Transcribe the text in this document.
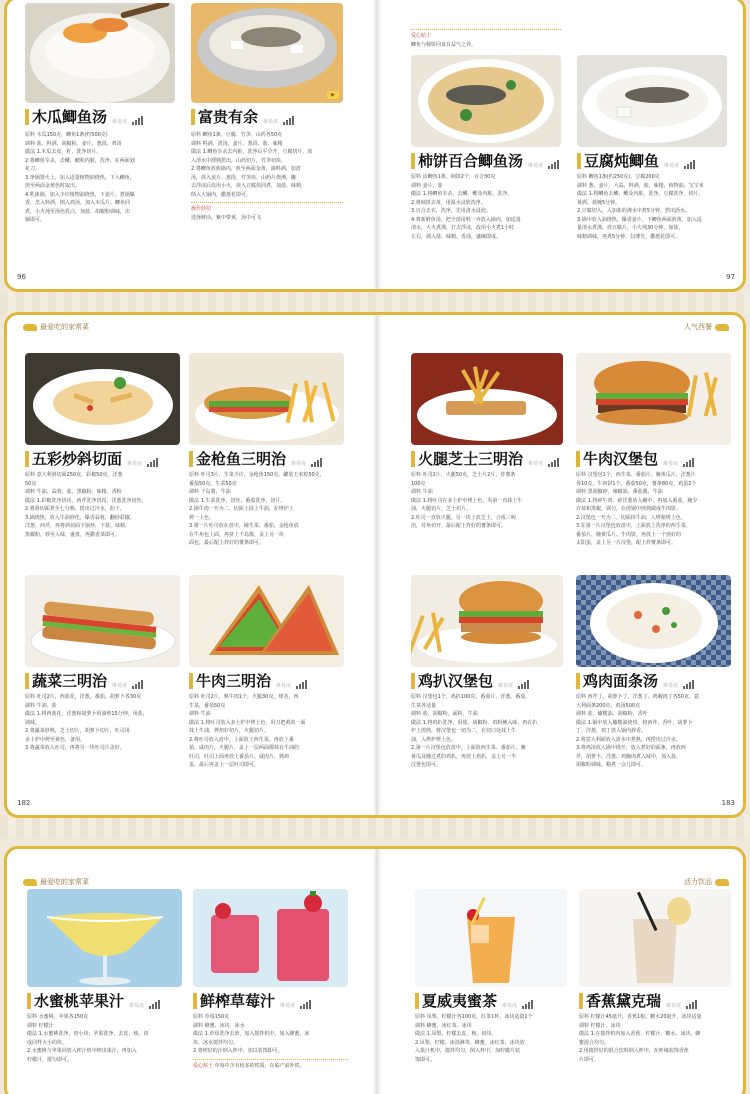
木瓜鲫鱼汤 难易度
原料 木瓜150克，鲫鱼1条(约500克)
调料 盐、料酒、胡椒粉、姜片、葱段、鸡汤
做法 1.木瓜去皮，籽，洗净切片。
2.将鲫鱼宰杀，去鳞、鳃和内脏，洗净，在两面划
花刀。
3.净锅置火上，加入适量植物油烧热，下入鲫鱼，
煎至两面金黄色时取出。
4.乳钵锅，加入少许植物油烧热，下姜片，煮锅爆
香，烹入料酒，倒入鸡汤，加入木瓜片、鲫鱼同
煮，小火炖至汤色乳白，加盐、胡椒粉调味，出
锅即可。
▶
富贵有余 难易度
原料 鲫鱼1条，豆腐、竹笋、山药各50克
调料 料酒、清汤、姜片、葱段、盐、味精
做法 1.鲫鱼宰杀去内脏，洗净后平分开，豆腐切片，放
入清水中漂熟捞出，山药切片，竹笋切块。
2.将鲫鱼放煎锅内，煎至两面金黄，滴料酒，加清
汤，放入姜片、葱段、竹笋块、山药片烧沸，撇
去浮沫后改用小火，放入豆腐块同煮，加盐、味精，
倒入大锅内，撒葱花即可。
操作妙招
选择鲜活、紫中带黄，汤中可飞
96
爱心贴士
鲫鱼与柿饼同食有益气之养。
柿饼百合鲫鱼汤 难易度
原料 活鲫鱼1条，柿饼2个，百合30克
调料 姜片、盐
做法 1.将鲫鱼宰杀，去鳞、鳃及内脏，洗净。
2.将柿饼去蒂，用温水浸软洗净。
3.百合去衣，洗净，先用清水浸泡。
4.将新鲜鱼汤，把全部用料一齐放入锅内，加适量
清水，大火煮沸，打去浮沫，改用小火煮1小时
左右，调入盐、味精、香油，盛碗即成。
豆腐炖鲫鱼 难易度
原料 鲫鱼1条(约250克)，豆腐200克
调料 葱、姜片、大蒜、料酒、盐、味精、植物油、宝宝米
做法 1.将鲫鱼去鳞，鳃及内脏，洗净。豆腐洗净，切片，
黄酒、盐腌5分钟。
2.豆腐切入，入加盐的沸水中煮5分钟，捞出沥水。
3.锅中放入油烧热，爆香姜片，下鲫鱼两面煎黄，加入适
量清水煮沸，放豆腐片，小火炖30分钟，加盐，
味精调味，再煮5分钟，勾薄芡，撒葱花即可。
97
最爱吃的家常菜
五彩炒斜切面 难易度
原料 意大利斜切面250克，彩椒50克，洋葱
50克
调料 牛油、蒜蓉、盐、黑椒粉、味精、香粉
做法 1.彩椒洗净切块，西芹洗净切段，洋葱洗净切丝。
2.将斜切面煮至七分熟，捞出过冷水，沥干。
3.锅烧热，放入牛油炒化，爆香蒜蓉，翻炒彩椒、
洋葱、西芹，再将斜切面下锅炒，下盐、味精、
黑椒粉，炒至入味，盛盘，再撒香菜即可。
金枪鱼三明治 难易度
原料 吐司3片，生菜少许，金枪鱼150克，罐装玉米粒50克，
番茄50克，生菜50克
调料 千岛酱、牛油
做法 1.生菜洗净，切丝，番茄洗净，切片。
2.锅牛肉一开为二，切面上抹上牛油，在烤炉上
烤一上色。
3.将一片吐司放在盘中，铺生菜、番茄，金枪鱼放
在牛角包上面，再挤上千岛酱，盖上另一块
面包，最后配上炸好的薯条即可。
蔬菜三明治 难易度
原料 吐司2片，西蓝花，洋葱，番茄，胡萝卜各30克
调料 牛油、盐
做法 1.将西蓝花，洋葱和胡萝卜用油炒15分钟，用盐，
调味。
2.将蔬菜炒熟，芝士切片，胡萝卜切片，吐司用
多士炉中烤至黄色，备用。
3.将蔬菜放入吐司，再将另一块吐司片盖好。
牛肉三明治 难易度
原料 吐司2片，熟牛肉1个，火腿30克，球茎，西
生菜，番茄50克
调料 牛油
做法 1.将吐司放入多士炉中烤上色，用刀把黄的一面
抹上牛油，烤焙好切片，火腿切片。
2.将吐司放入盘中，上面放上西生菜，再放上番
茄、咸肉片、火腿片，盖上一层两面都抹有牛油的
吐司，吐司上面再放上番茄片、咸肉片、熟鸡
蛋，最后再盖上一层吐司即可。
182
人气西餐
火腿芝士三明治 难易度
原料 吐司2片，火腿50克，芝士片2片，炸薯条
100克
调料 牛油
做法 1.将吐司在多士炉中烤上色，夹第一直抹上牛
油，火腿切片，芝士切片。
2.吐司一直放火腿，另一块上放芝士，合成三明
治，对角切开，最后配上炸好的薯条即可。
牛肉汉堡包 难易度
原料 汉堡包1个，西生菜、番茄片、腌黄瓜片、洋葱片
各10克，牛肉饼1个，番茄50克，薯条80克，鸡蛋2个
调料 黑胡椒碎、辣椒油、番茄酱、牛油
做法 1.将碎牛肉、碎洋葱放入碗中，再加入番茄，腌少
许盐和黑椒，调匀，在煎锅中煎熟做成牛肉饼。
2.汉堡包一开为二，切面抹牛油，入烤箱烤上色。
3.在第一片汉堡包放盘中，上面放上洗净的西生菜，
番茄片，腌黄瓜片、牛肉饼，再放上一个煎好的
太阳蛋，盖上另一片汉堡，配上炸薯条即可。
鸡扒汉堡包 难易度
原料 汉堡包1个，鸡扒100克，番茄片、洋葱、番茄、
生菜各适量
调料 盐、胡椒粉、面粉、牛油
做法 1.将鸡扒洗净，用盐、胡椒粉、鸡粉腌入味，再在扒
炉上煎熟，将汉堡包一切为二，在切口处抹上牛
油，入烤炉烤上色。
2.第一片汉堡包放盘中，上面放西生菜、番茄片、腌
黄瓜及腌过煮的鸡扒，再放上鸡扒，盖上另一半
汉堡包即可。
鸡肉面条汤 难易度
原料 西芹丁、胡萝卜丁、洋葱丁、鸡胸肉丁各50克，意
大利面条200克，鸡汤500克
调料 盐、橄榄油、胡椒粉、香叶
做法 1.锅中放入橄榄油烧热，将西芹、香叶、胡萝卜
丁、洋葱，鸡丁放入锅内炒香。
2.将意大利面放入清水中煮熟，再捞出过冷水。
3.将鸡汤放入锅中烧开，放入煮好的面条，再放西
芹，胡萝卜、洋葱、鸡胸肉煮入味中，加入盐、
胡椒粉调味，稍煮一会儿即可。
183
最爱吃的家常菜
水蜜桃苹果汁 难易度
原料 水蜜桃、苹果各150克
调料 柠檬汁
做法 1.水蜜桃洗净，切小块；苹果洗净，去皮，核，切
成同样大小的块。
2.水蜜桃与苹果同放入榨汁机中榨出果汁，再加入
柠檬汁，搅匀即可。
鲜榨草莓汁 难易度
原料 草莓150克
调料 蜂蜜、冰块、冰水
做法 1.草莓洗净去蒂，加入搅拌机中，加入蜂蜜、冰
块、冰水搅拌均匀。
2.将榨好的汁倒入杯中，加以装饰即可。
爱心贴士 草莓中含有较多的铁质，在临产前补铁。
活力饮品
夏威夷蜜茶 难易度
原料 凤梨，柠檬汁各100克，红茶1杯，冰块适量1个
调料 蜂蜜、冰红茶、冰块
做法 1.凤梨、柠檬去皮，核，切块。
2.凤梨、柠檬、冰淇淋等、蜂蜜、冰红茶、冰块放
入果汁机中，搅拌均匀，倒入杯中，加柠檬片装
饰即可。
香蕉黛克瑞 难易度
原料 柠檬汁45毫升，香蕉1根，糖水20毫升，冰块适量
调料 柠檬汁、冰块
做法 1.在搅拌机内加入香蕉、柠檬汁、糖水、冰块、蜂
蜜混合均匀。
2.用搅拌好的混合饮料倒入杯中，在杯缘装饰香蕉
片即可。
